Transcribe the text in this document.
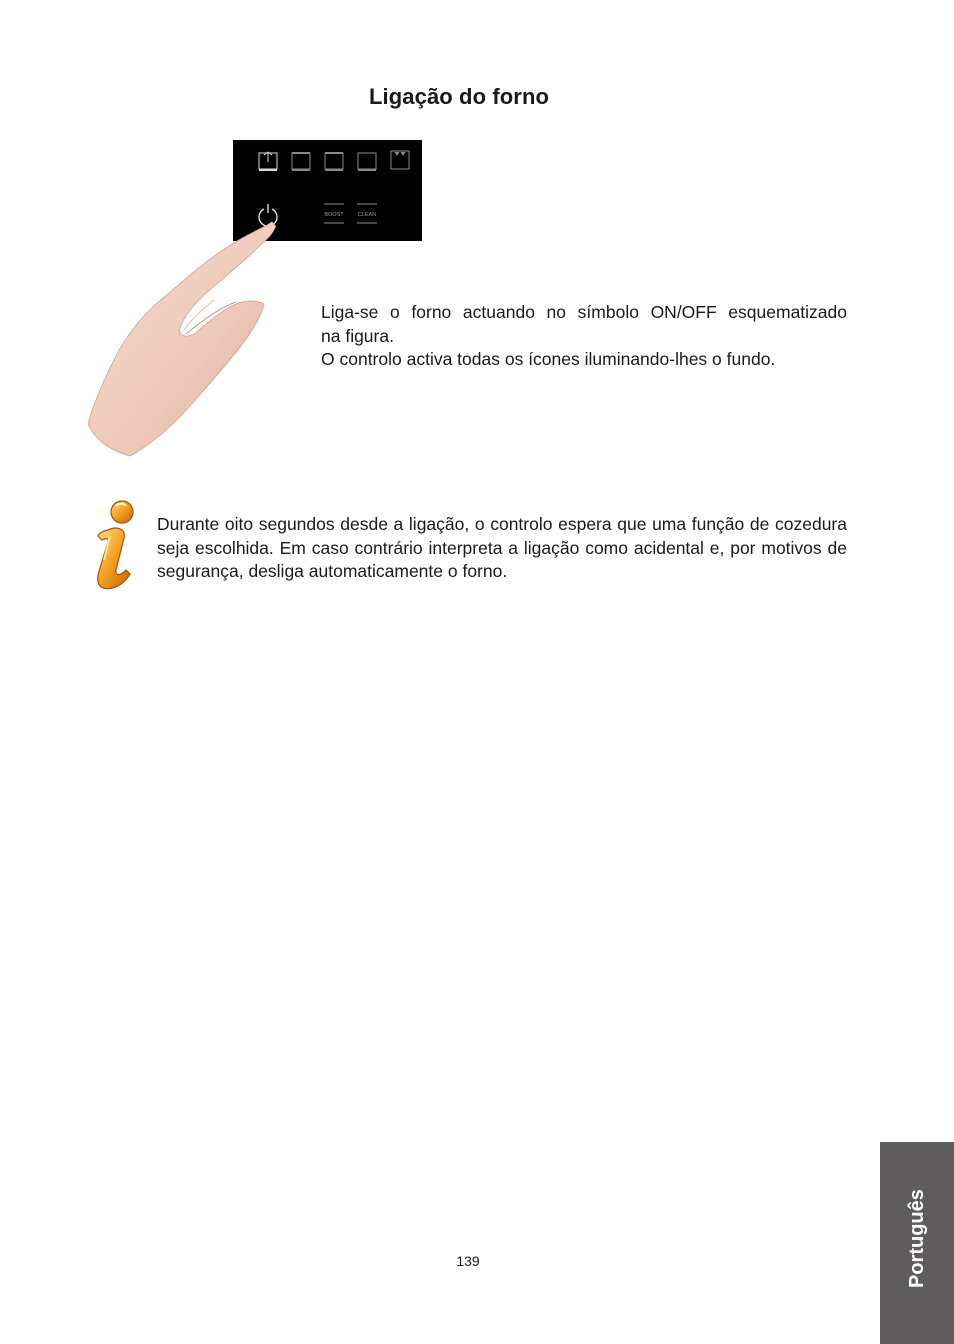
Ligação do forno
BOOST	CLEAN
Liga-se o forno actuando no símbolo ON/OFF esquematizado
na figura.
O controlo activa todas os ícones iluminando-lhes o fundo.
Durante oito segundos desde a ligação, o controlo espera que uma função de cozedura seja escolhida. Em caso contrário interpreta a ligação como acidental e, por motivos de segurança, desliga automaticamente o forno.
139	Português
